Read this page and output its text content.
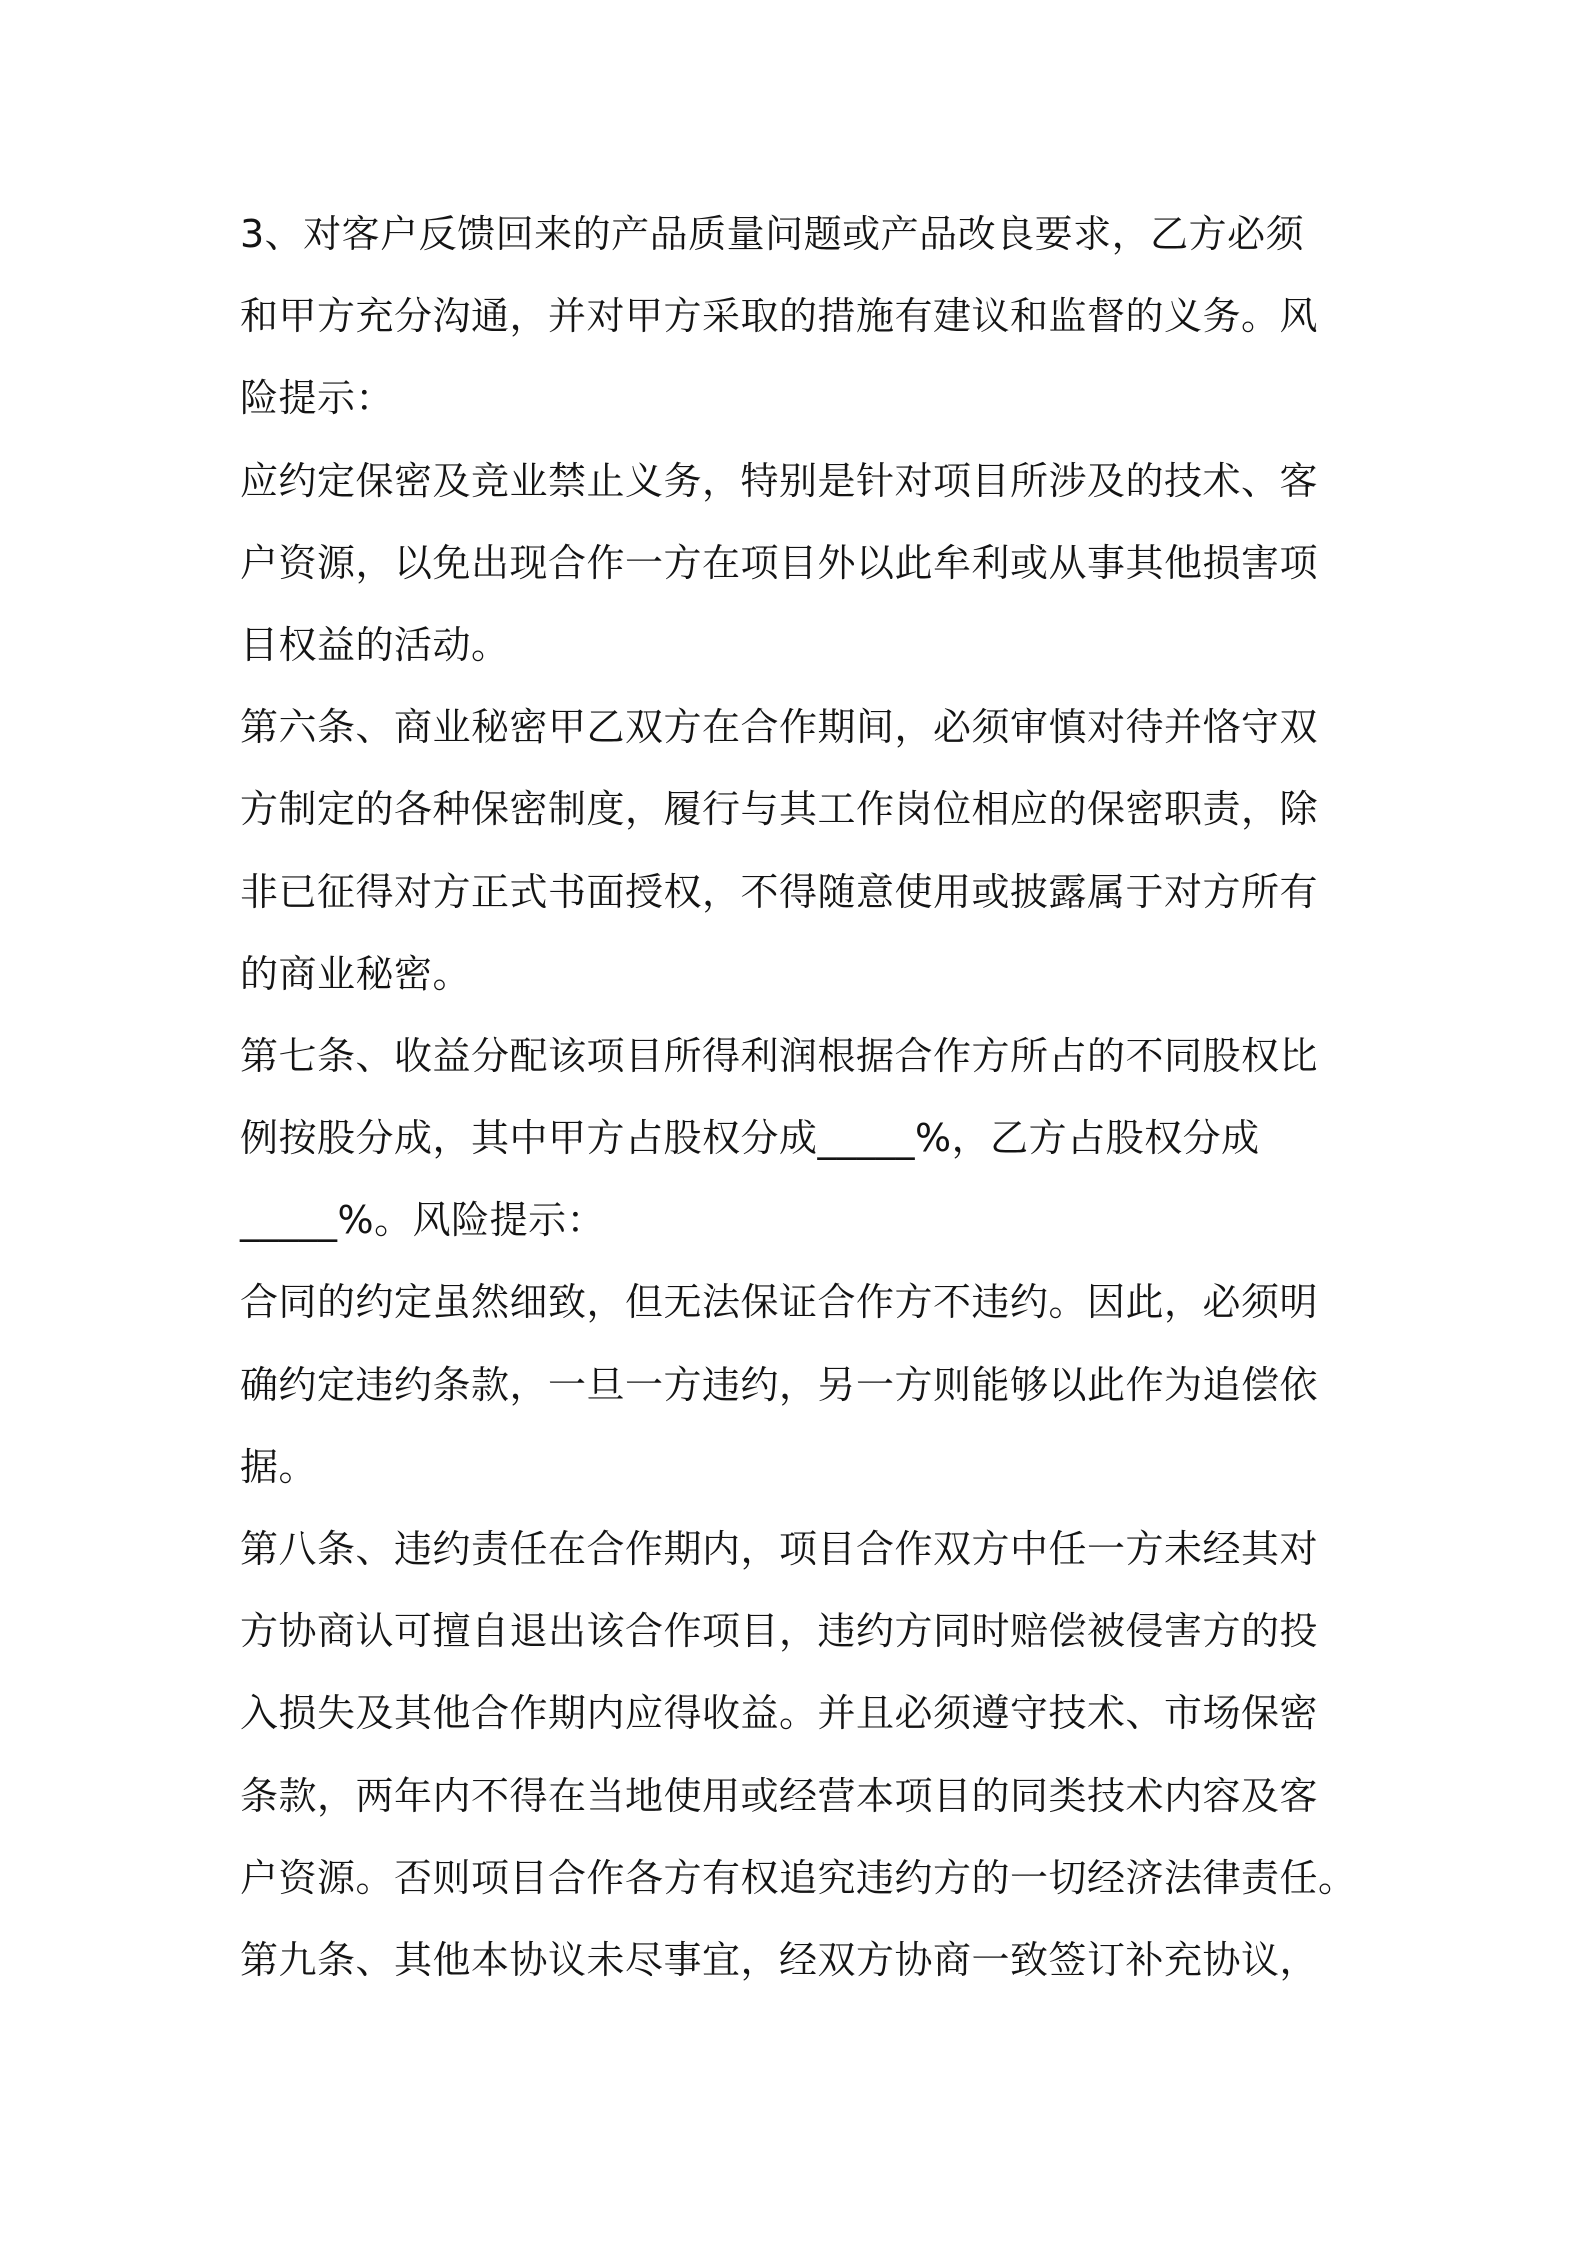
3、对客户反馈回来的产品质量问题或产品改良要求，乙方必须
和甲方充分沟通，并对甲方采取的措施有建议和监督的义务。风
险提示：
应约定保密及竞业禁止义务，特别是针对项目所涉及的技术、客
户资源，以免出现合作一方在项目外以此牟利或从事其他损害项
目权益的活动。
第六条、商业秘密甲乙双方在合作期间，必须审慎对待并恪守双
方制定的各种保密制度，履行与其工作岗位相应的保密职责，除
非已征得对方正式书面授权，不得随意使用或披露属于对方所有
的商业秘密。
第七条、收益分配该项目所得利润根据合作方所占的不同股权比
例按股分成，其中甲方占股权分成_____%，乙方占股权分成
_____%。风险提示：
合同的约定虽然细致，但无法保证合作方不违约。因此，必须明
确约定违约条款，一旦一方违约，另一方则能够以此作为追偿依
据。
第八条、违约责任在合作期内，项目合作双方中任一方未经其对
方协商认可擅自退出该合作项目，违约方同时赔偿被侵害方的投
入损失及其他合作期内应得收益。并且必须遵守技术、市场保密
条款，两年内不得在当地使用或经营本项目的同类技术内容及客
户资源。否则项目合作各方有权追究违约方的一切经济法律责任。
第九条、其他本协议未尽事宜，经双方协商一致签订补充协议，
